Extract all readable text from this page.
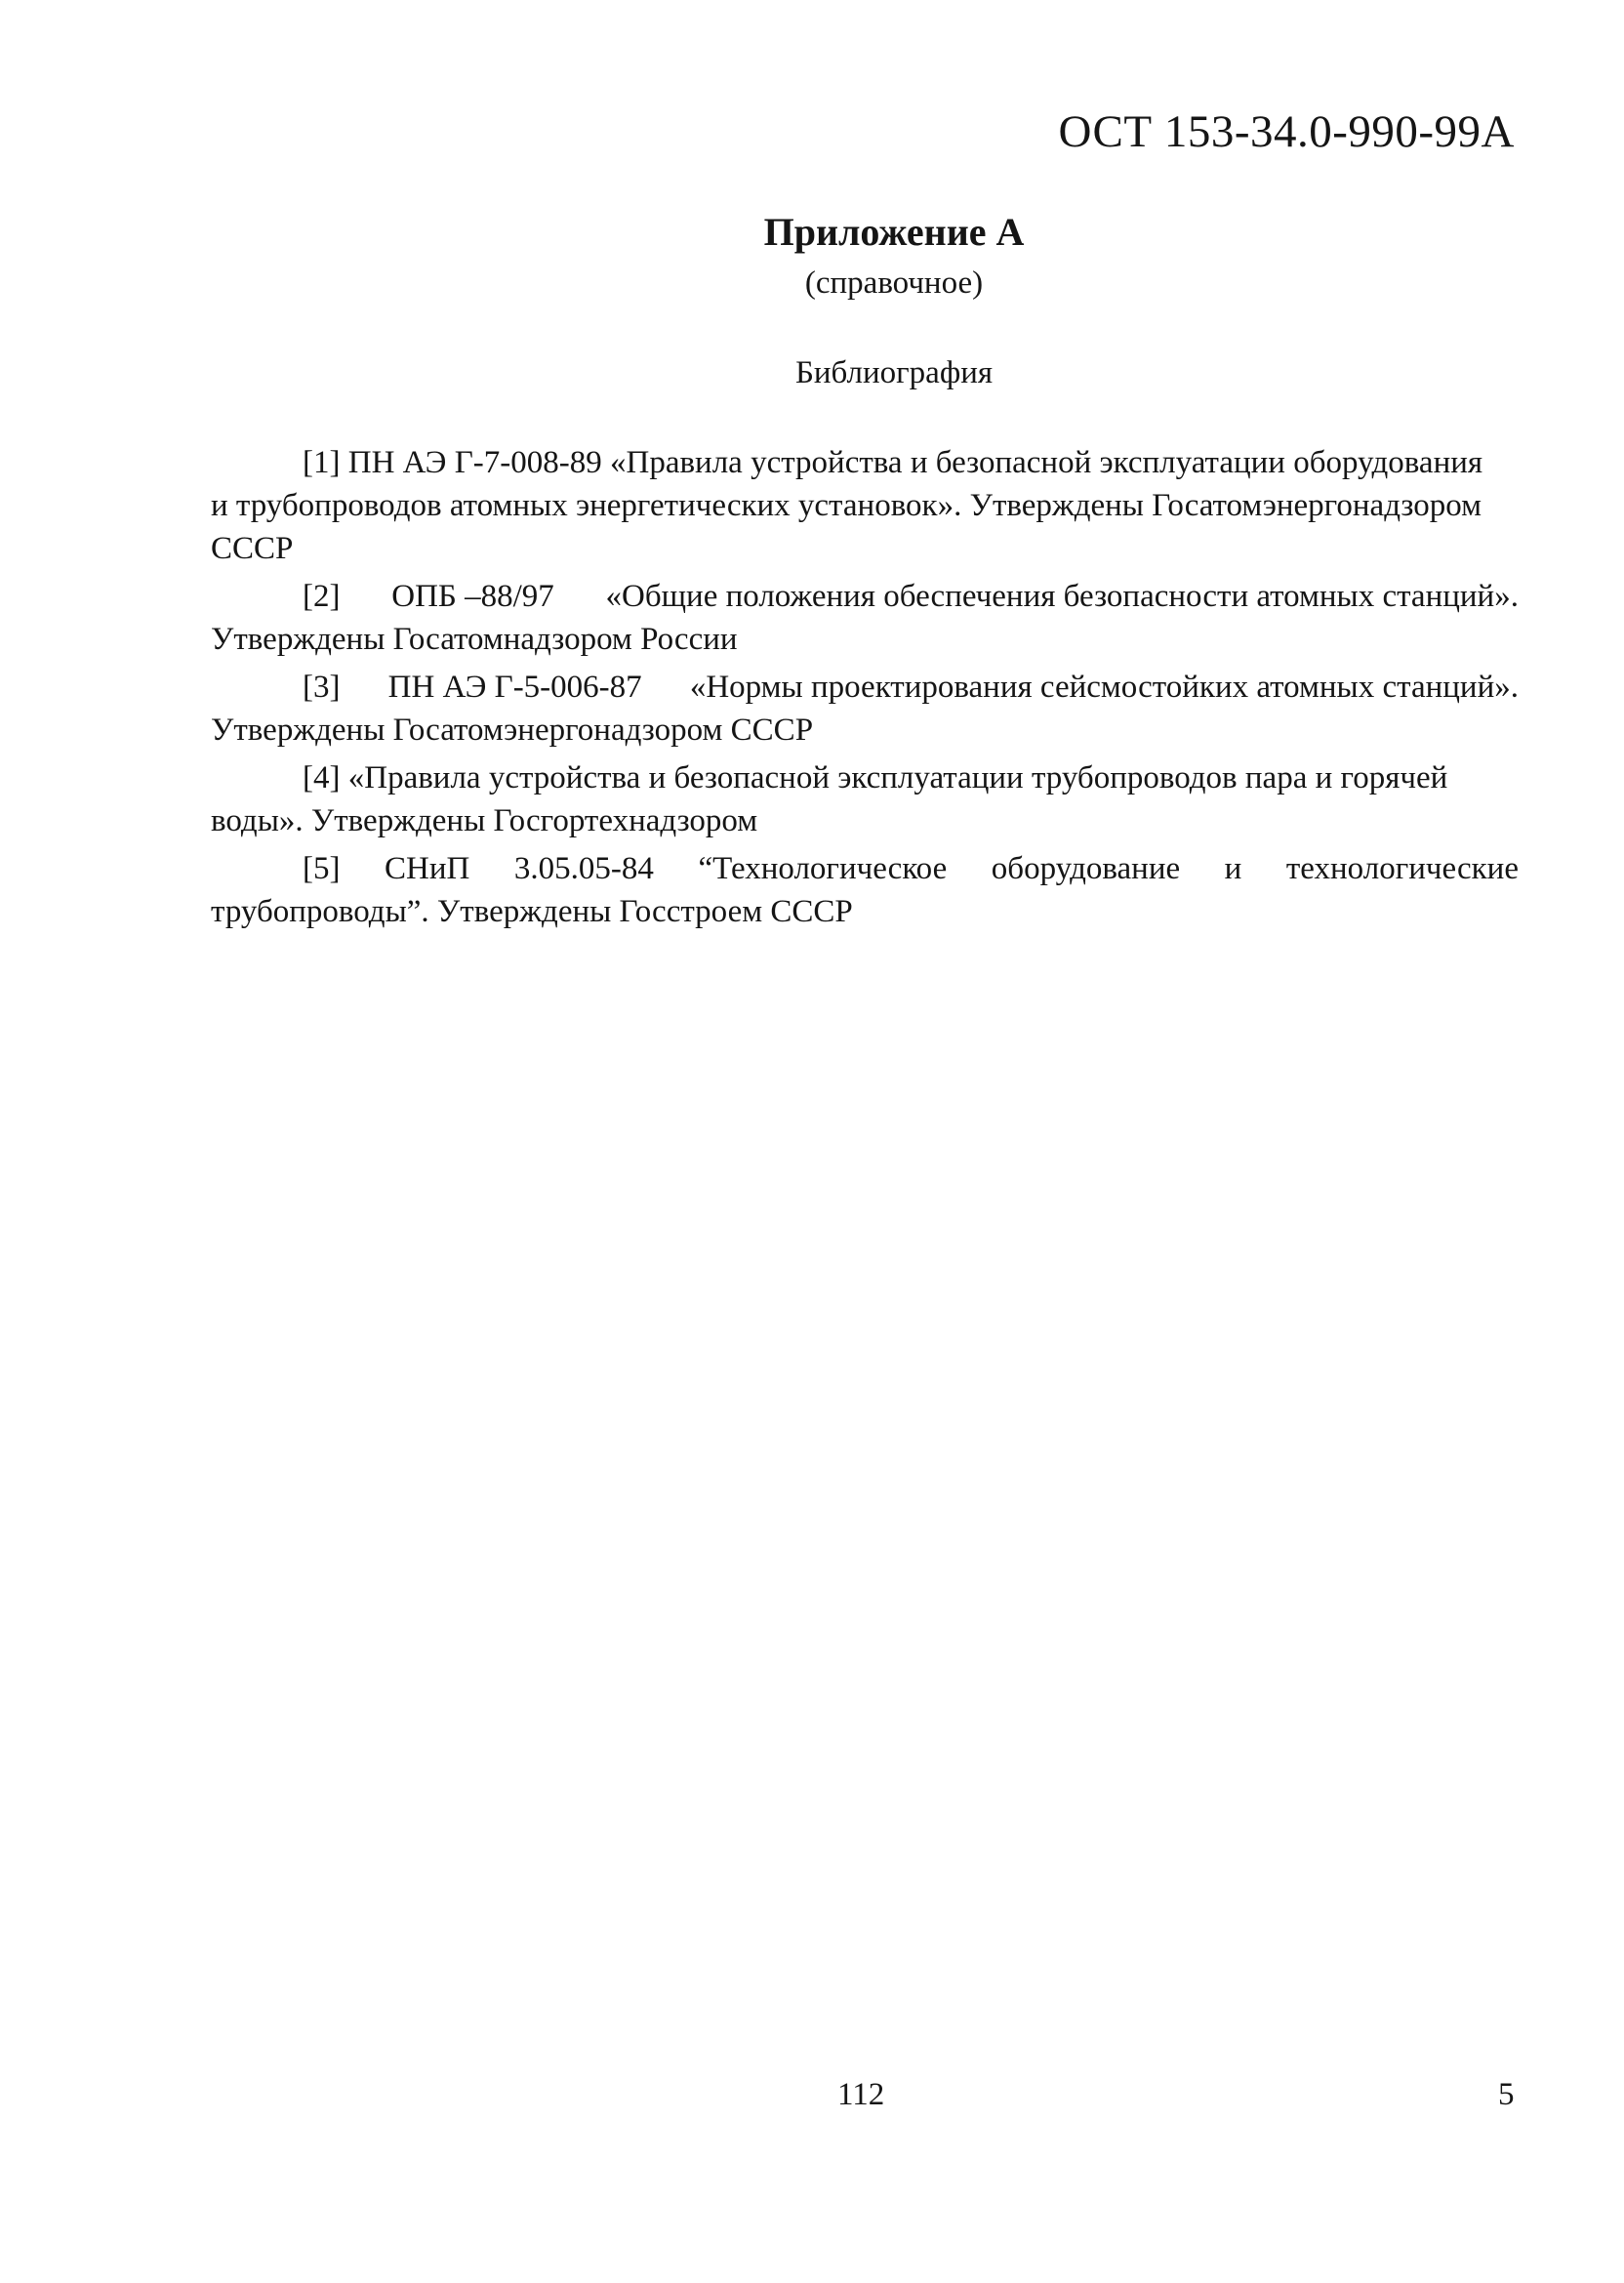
ОСТ 153-34.0-990-99А
Приложение А
(справочное)
Библиография
[1]
ПН АЭ Г-7-008-89 «Правила устройства и безопасной эксплуатации оборудования
и трубопроводов атомных энергетических установок». Утверждены Госатомэнергонадзором
СССР
[2] ОПБ –88/97 «Общие положения обеспечения безопасности атомных станций».
Утверждены Госатомнадзором России
[3] ПН АЭ Г-5-006-87 «Нормы проектирования сейсмостойких атомных станций».
Утверждены Госатомэнергонадзором СССР
[4]
«Правила устройства и безопасной эксплуатации трубопроводов пара и горячей
воды». Утверждены Госгортехнадзором
[5] СНиП 3.05.05-84 “Технологическое оборудование и технологические
трубопроводы”. Утверждены Госстроем СССР
112	5
